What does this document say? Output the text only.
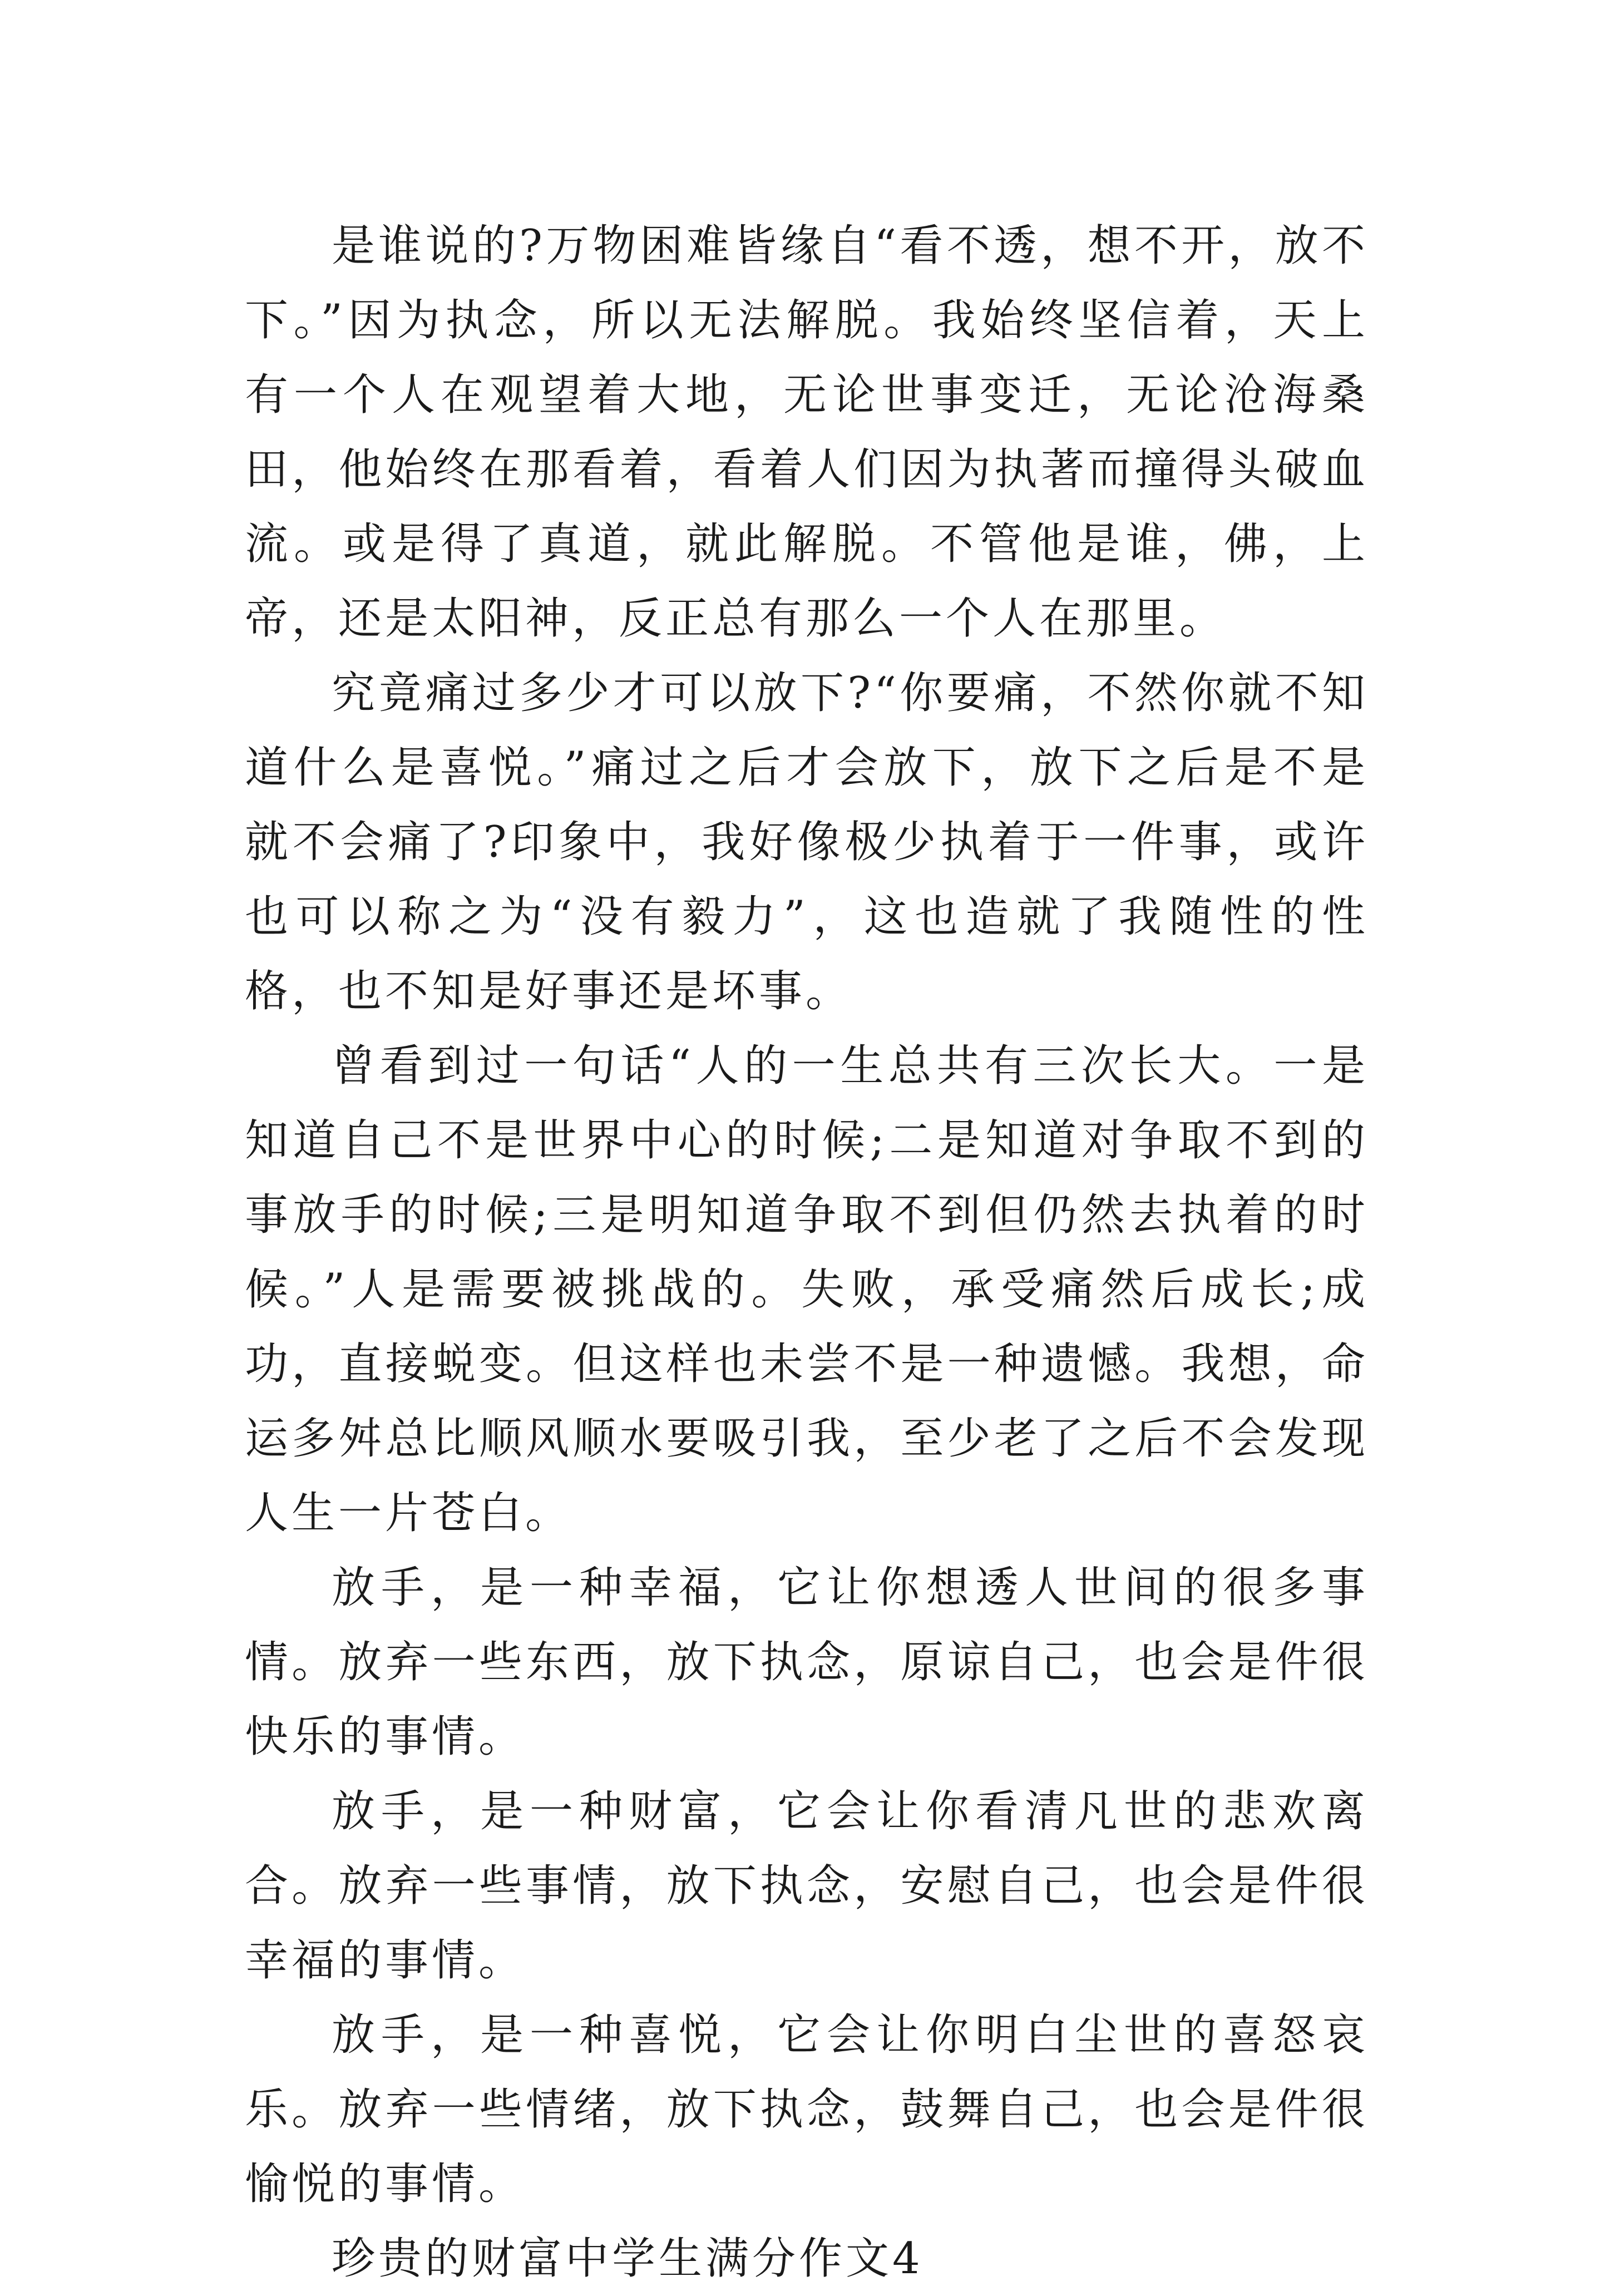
是谁说的?万物困难皆缘自“看不透，想不开，放不下。”因为执念，所以无法解脱。我始终坚信着，天上有一个人在观望着大地，无论世事变迁，无论沧海桑田，他始终在那看着，看着人们因为执著而撞得头破血流。或是得了真道，就此解脱。不管他是谁，佛，上帝，还是太阳神，反正总有那么一个人在那里。

究竟痛过多少才可以放下?“你要痛，不然你就不知道什么是喜悦。”痛过之后才会放下，放下之后是不是就不会痛了?印象中，我好像极少执着于一件事，或许也可以称之为“没有毅力”，这也造就了我随性的性格，也不知是好事还是坏事。

曾看到过一句话“人的一生总共有三次长大。一是知道自己不是世界中心的时候;二是知道对争取不到的事放手的时候;三是明知道争取不到但仍然去执着的时候。”人是需要被挑战的。失败，承受痛然后成长;成功，直接蜕变。但这样也未尝不是一种遗憾。我想，命运多舛总比顺风顺水要吸引我，至少老了之后不会发现人生一片苍白。

放手，是一种幸福，它让你想透人世间的很多事情。放弃一些东西，放下执念，原谅自己，也会是件很快乐的事情。

放手，是一种财富，它会让你看清凡世的悲欢离合。放弃一些事情，放下执念，安慰自己，也会是件很幸福的事情。

放手，是一种喜悦，它会让你明白尘世的喜怒哀乐。放弃一些情绪，放下执念，鼓舞自己，也会是件很愉悦的事情。

珍贵的财富中学生满分作文4
